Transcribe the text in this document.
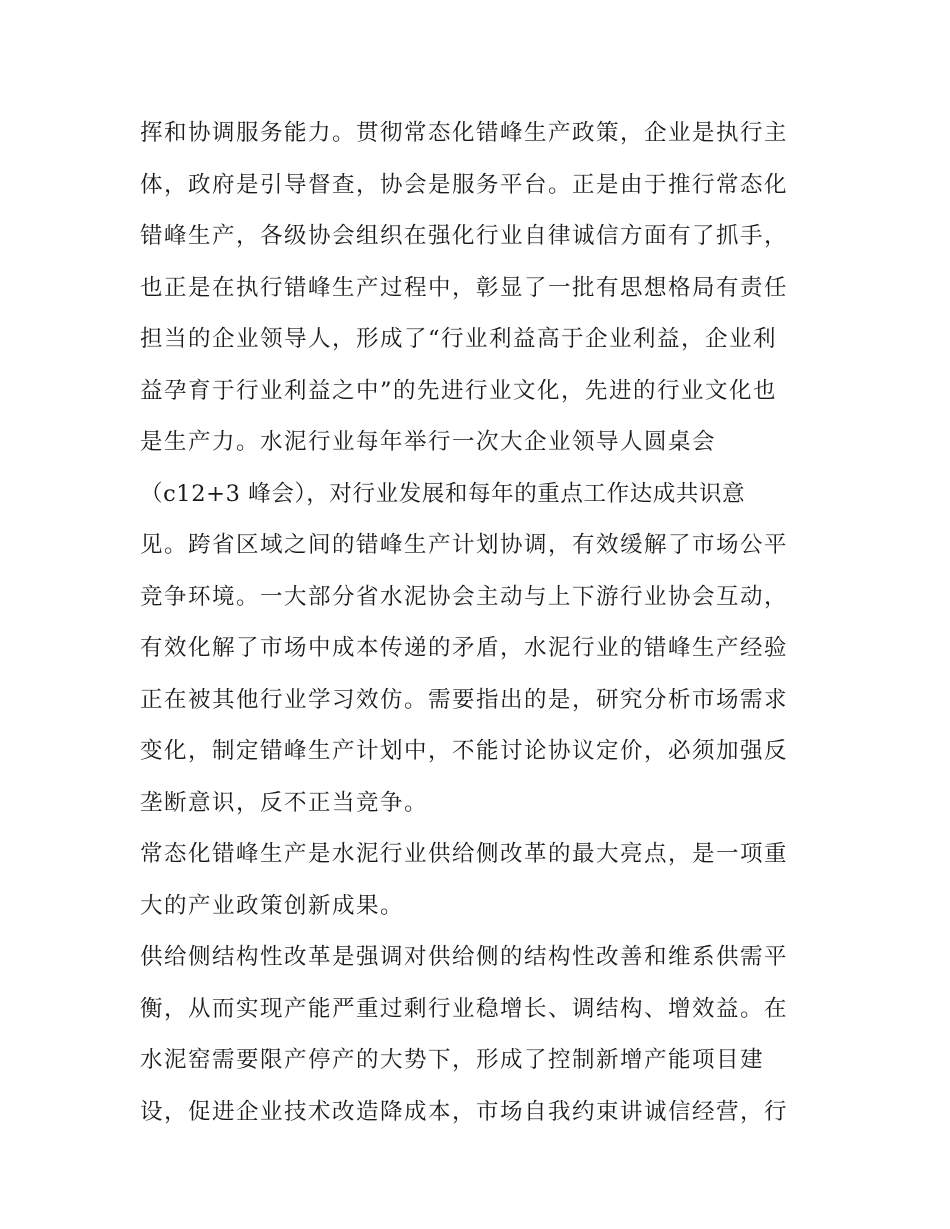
挥和协调服务能力。贯彻常态化错峰生产政策，企业是执行主
体，政府是引导督查，协会是服务平台。正是由于推行常态化
错峰生产，各级协会组织在强化行业自律诚信方面有了抓手，
也正是在执行错峰生产过程中，彰显了一批有思想格局有责任
担当的企业领导人，形成了“行业利益高于企业利益，企业利
益孕育于行业利益之中”的先进行业文化，先进的行业文化也
是生产力。水泥行业每年举行一次大企业领导人圆桌会
（c12+3 峰会），对行业发展和每年的重点工作达成共识意
见。跨省区域之间的错峰生产计划协调，有效缓解了市场公平
竞争环境。一大部分省水泥协会主动与上下游行业协会互动，
有效化解了市场中成本传递的矛盾，水泥行业的错峰生产经验
正在被其他行业学习效仿。需要指出的是，研究分析市场需求
变化，制定错峰生产计划中，不能讨论协议定价，必须加强反
垄断意识，反不正当竞争。
常态化错峰生产是水泥行业供给侧改革的最大亮点，是一项重
大的产业政策创新成果。
供给侧结构性改革是强调对供给侧的结构性改善和维系供需平
衡，从而实现产能严重过剩行业稳增长、调结构、增效益。在
水泥窑需要限产停产的大势下，形成了控制新增产能项目建
设，促进企业技术改造降成本，市场自我约束讲诚信经营，行
